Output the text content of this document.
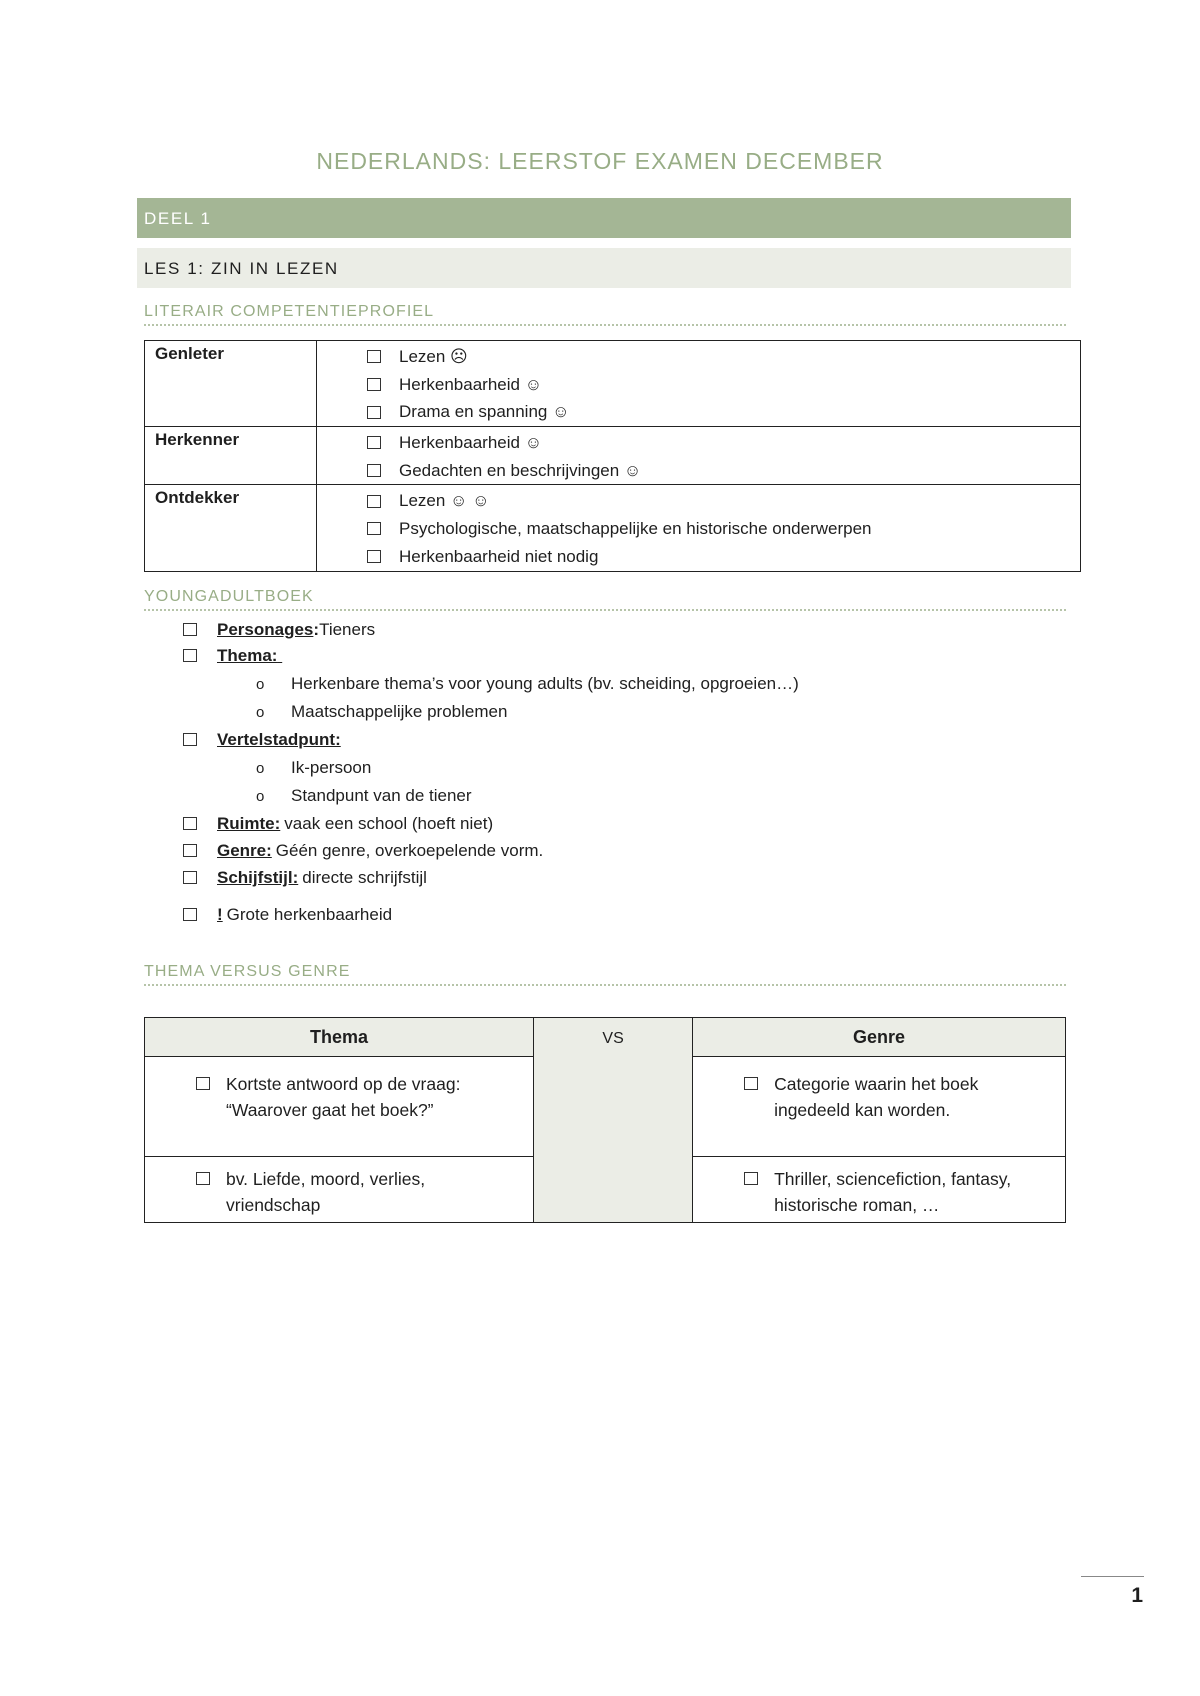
NEDERLANDS: LEERSTOF EXAMEN DECEMBER
DEEL 1
LES 1: ZIN IN LEZEN
LITERAIR COMPETENTIEPROFIEL
Genleter	Lezen ☹
Herkenbaarheid ☺
Drama en spanning ☺

Herkenner	Herkenbaarheid ☺
Gedachten en beschrijvingen ☺

Ontdekker	Lezen ☺ ☺
Psychologische, maatschappelijke en historische onderwerpen
Herkenbaarheid niet nodig
YOUNGADULTBOEK
Personages : Tieners
Thema:
o	Herkenbare thema’s voor young adults (bv. scheiding, opgroeien…)
o	Maatschappelijke problemen
Vertelstadpunt:
o	Ik-persoon
o	Standpunt van de tiener
Ruimte: vaak een school (hoeft niet)
Genre: Géén genre, overkoepelende vorm.
Schijfstijl: directe schrijfstijl
! Grote herkenbaarheid
THEMA VERSUS GENRE
Thema	VS	Genre

Kortste antwoord op de vraag: “Waarover gaat het boek?”		Categorie waarin het boek ingedeeld kan worden.

bv. Liefde, moord, verlies, vriendschap		Thriller, sciencefiction, fantasy, historische roman, …
1
